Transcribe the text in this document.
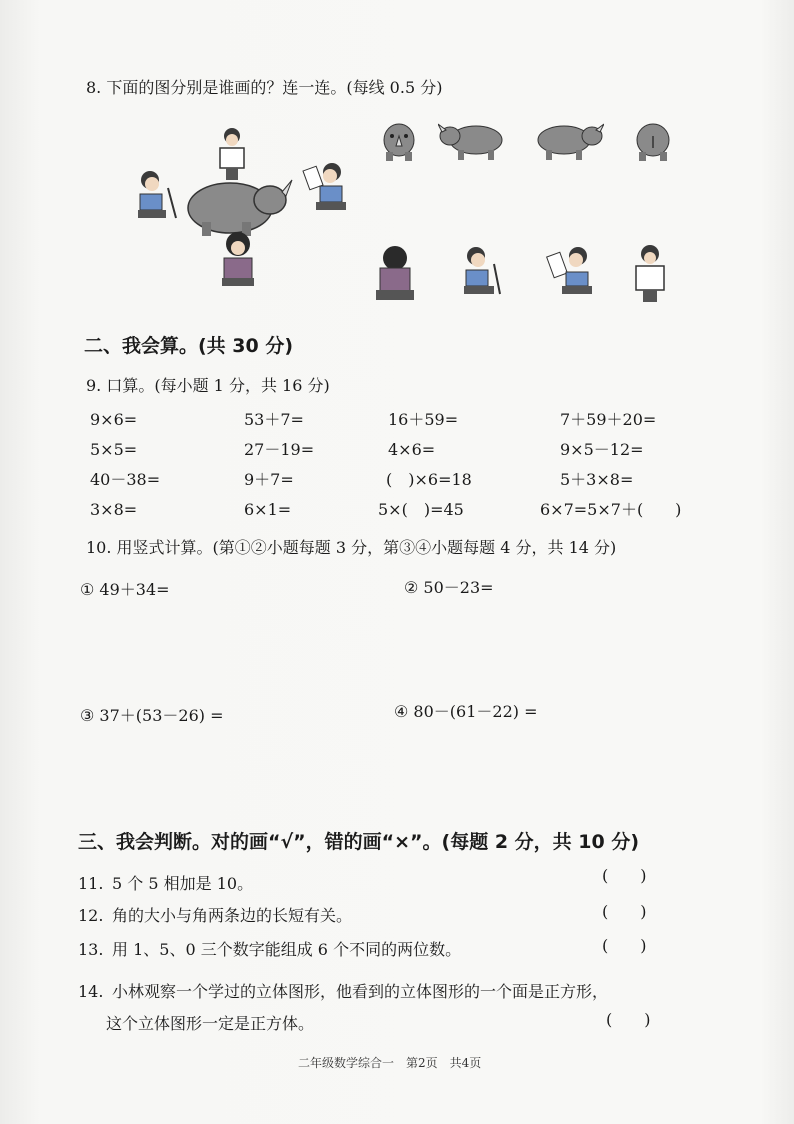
8. 下面的图分别是谁画的？连一连。(每线 0.5 分)
二、我会算。(共 30 分)
9. 口算。(每小题 1 分，共 16 分)
9×6=	53＋7=	16＋59=	7＋59＋20=
5×5=	27－19=	4×6=	9×5－12=
40－38=	9＋7=	(　)×6=18	5＋3×8=
3×8=	6×1=	5×(　)=45	6×7=5×7＋(　　)
10. 用竖式计算。(第①②小题每题 3 分，第③④小题每题 4 分，共 14 分)
① 49＋34=	② 50－23=
③ 37＋(53－26) =	④ 80－(61－22) =
三、我会判断。对的画“√”，错的画“×”。(每题 2 分，共 10 分)
11. 5 个 5 相加是 10。	(　　)
12. 角的大小与角两条边的长短有关。	(　　)
13. 用 1、5、0 三个数字能组成 6 个不同的两位数。	(　　)
14. 小林观察一个学过的立体图形，他看到的立体图形的一个面是正方形，
这个立体图形一定是正方体。	(　　)
二年级数学综合一　第2页　共4页
